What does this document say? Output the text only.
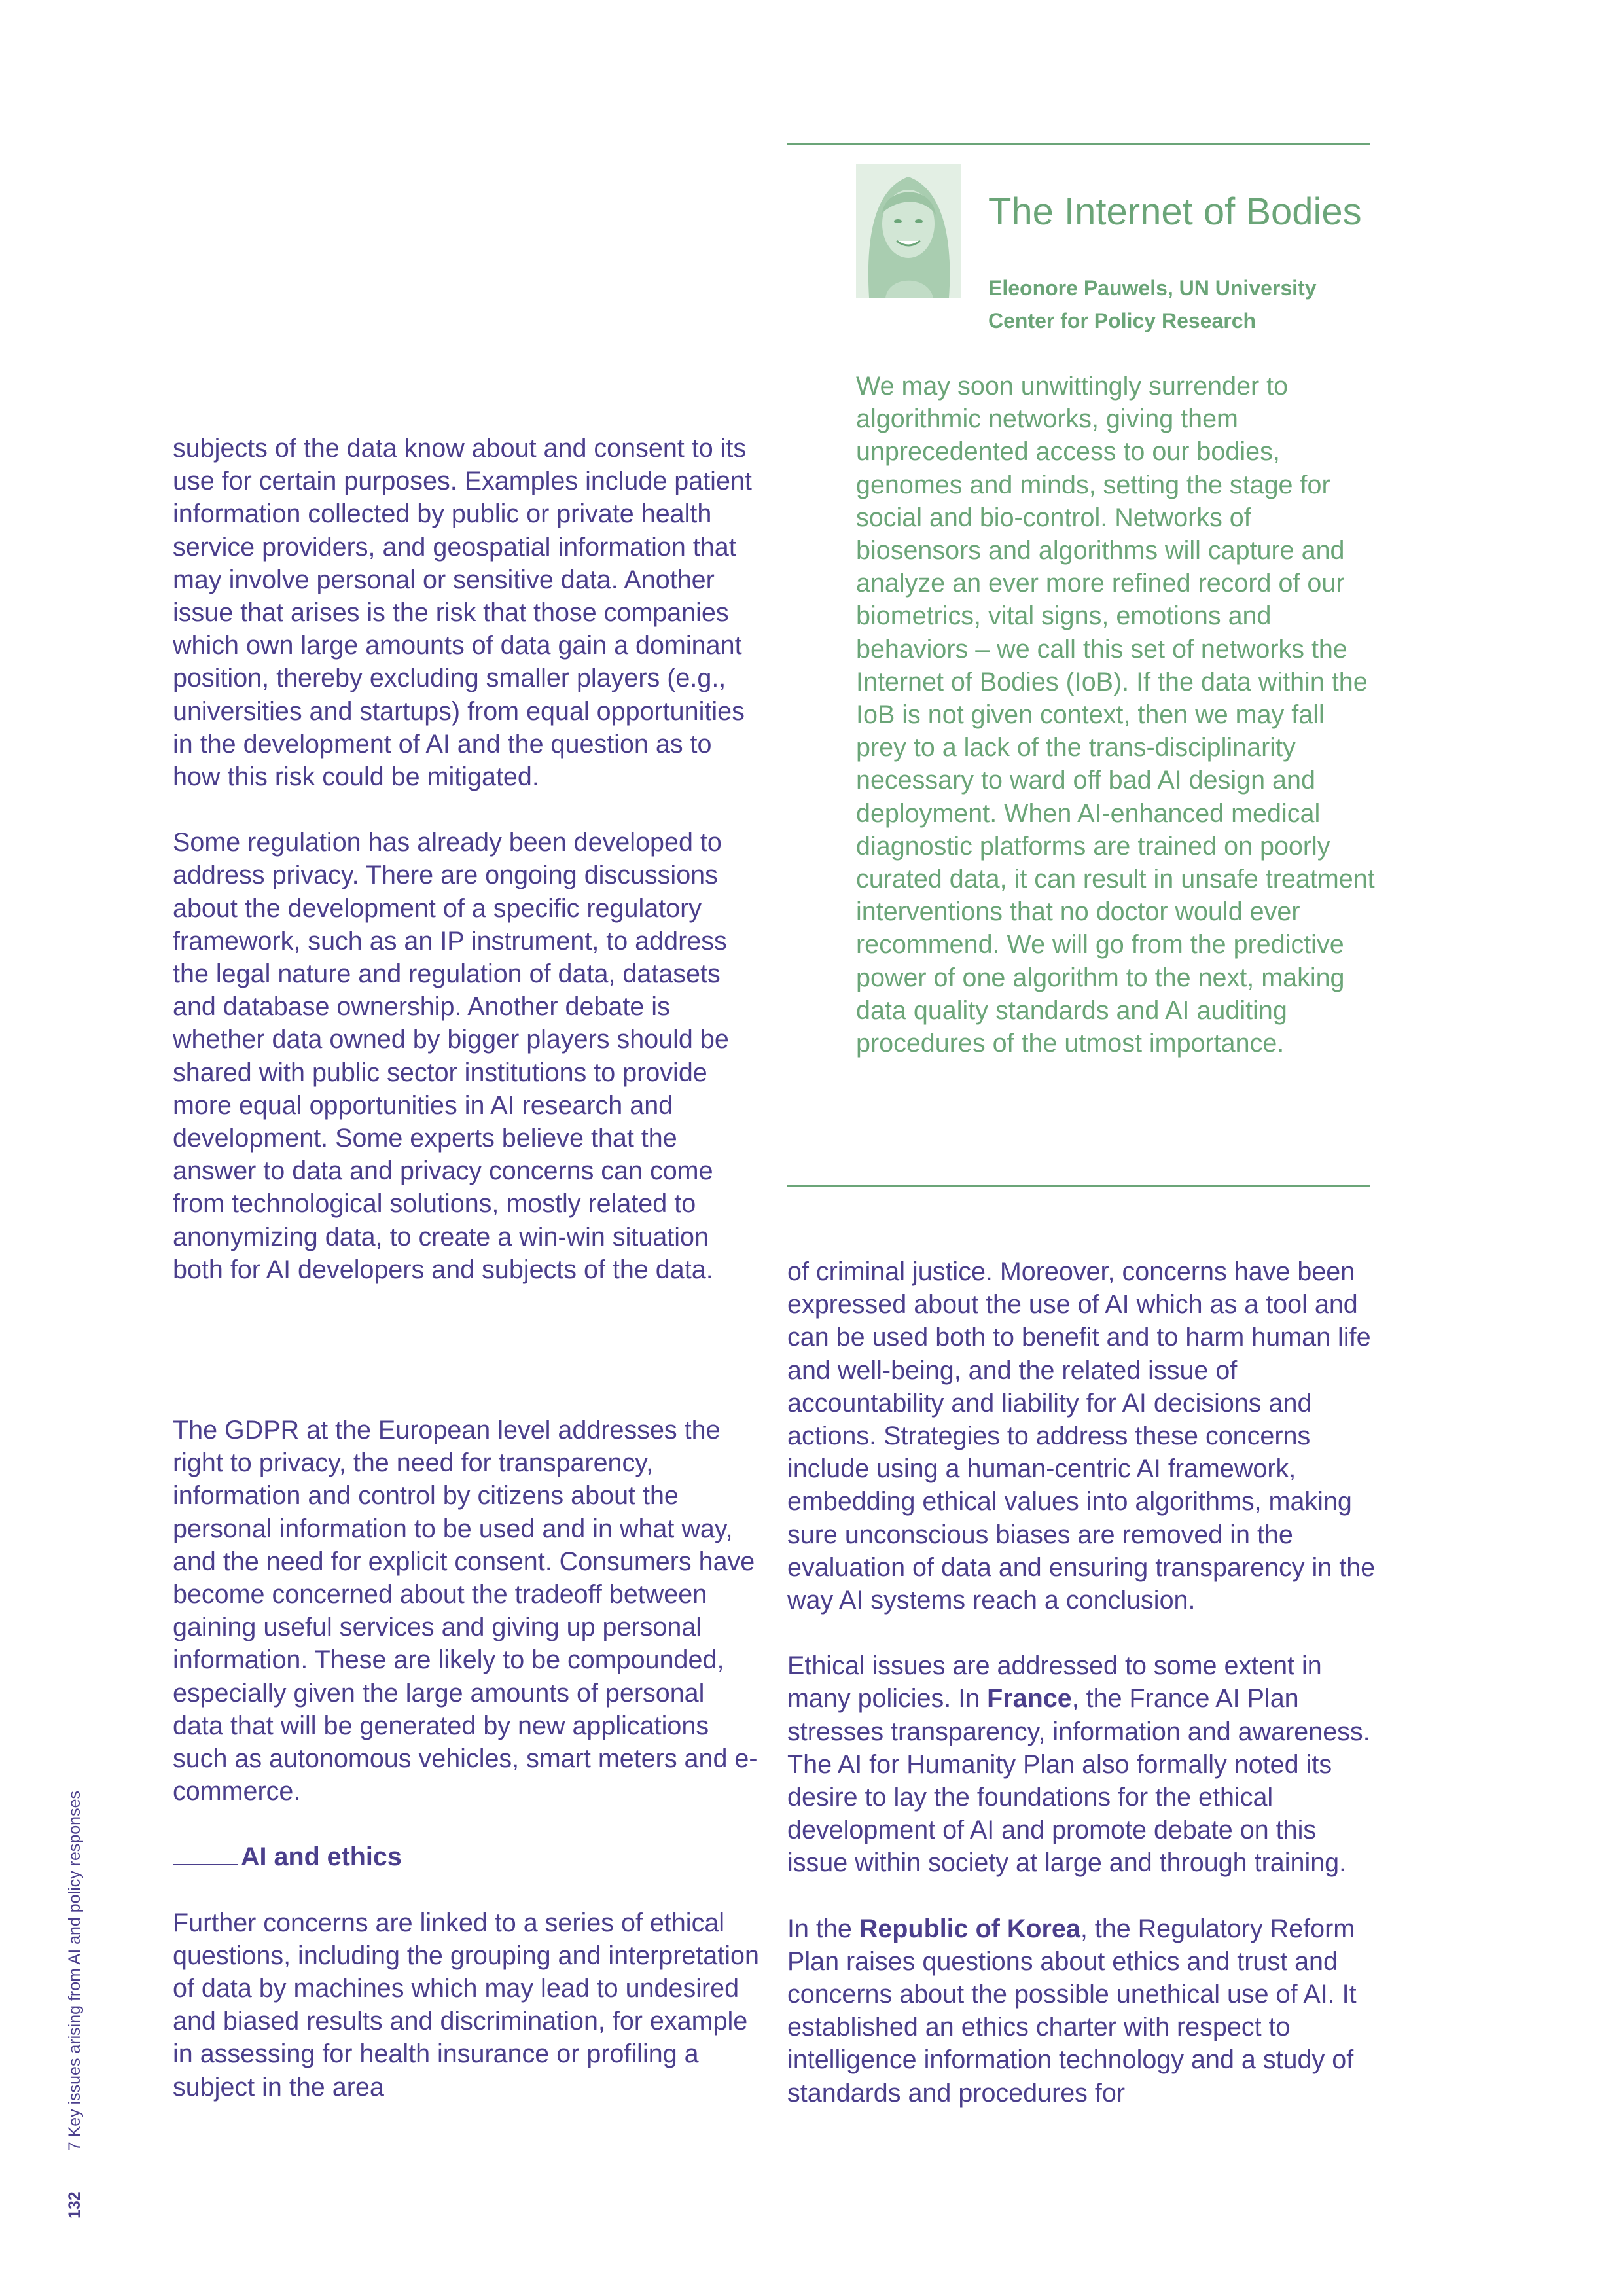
subjects of the data know about and consent to its use for certain purposes. Examples include patient information collected by public or private health service providers, and geospatial information that may involve personal or sensitive data. Another issue that arises is the risk that those companies which own large amounts of data gain a dominant position, thereby excluding smaller players (e.g., universities and startups) from equal opportunities in the development of AI and the question as to how this risk could be mitigated.

Some regulation has already been developed to address privacy. There are ongoing discussions about the development of a specific regulatory framework, such as an IP instrument, to address the legal nature and regulation of data, datasets and database ownership. Another debate is whether data owned by bigger players should be shared with public sector institutions to provide more equal opportunities in AI research and development. Some experts believe that the answer to data and privacy concerns can come from technological solutions, mostly related to anonymizing data, to create a win-win situation both for AI developers and subjects of the data.

The GDPR at the European level addresses the right to privacy, the need for transparency, information and control by citizens about the personal information to be used and in what way, and the need for explicit consent. Consumers have become concerned about the tradeoff between gaining useful services and giving up personal information. These are likely to be compounded, especially given the large amounts of personal data that will be generated by new applications such as autonomous vehicles, smart meters and e-commerce.

AI and ethics

Further concerns are linked to a series of ethical questions, including the grouping and interpretation of data by machines which may lead to undesired and biased results and discrimination, for example in assessing for health insurance or profiling a subject in the area

The Internet of Bodies
Eleonore Pauwels, UN University
Center for Policy Research
We may soon unwittingly surrender to algorithmic networks, giving them unprecedented access to our bodies, genomes and minds, setting the stage for social and bio-control. Networks of biosensors and algorithms will capture and analyze an ever more refined record of our biometrics, vital signs, emotions and behaviors – we call this set of networks the Internet of Bodies (IoB). If the data within the IoB is not given context, then we may fall prey to a lack of the trans-disciplinarity necessary to ward off bad AI design and deployment. When AI-enhanced medical diagnostic platforms are trained on poorly curated data, it can result in unsafe treatment interventions that no doctor would ever recommend. We will go from the predictive power of one algorithm to the next, making data quality standards and AI auditing procedures of the utmost importance.

of criminal justice. Moreover, concerns have been expressed about the use of AI which as a tool and can be used both to benefit and to harm human life and well-being, and the related issue of accountability and liability for AI decisions and actions. Strategies to address these concerns include using a human-centric AI framework, embedding ethical values into algorithms, making sure unconscious biases are removed in the evaluation of data and ensuring transparency in the way AI systems reach a conclusion.

Ethical issues are addressed to some extent in many policies. In France, the France AI Plan stresses transparency, information and awareness. The AI for Humanity Plan also formally noted its desire to lay the foundations for the ethical development of AI and promote debate on this issue within society at large and through training.

In the Republic of Korea, the Regulatory Reform Plan raises questions about ethics and trust and concerns about the possible unethical use of AI. It established an ethics charter with respect to intelligence information technology and a study of standards and procedures for

1327 Key issues arising from AI and policy responses
